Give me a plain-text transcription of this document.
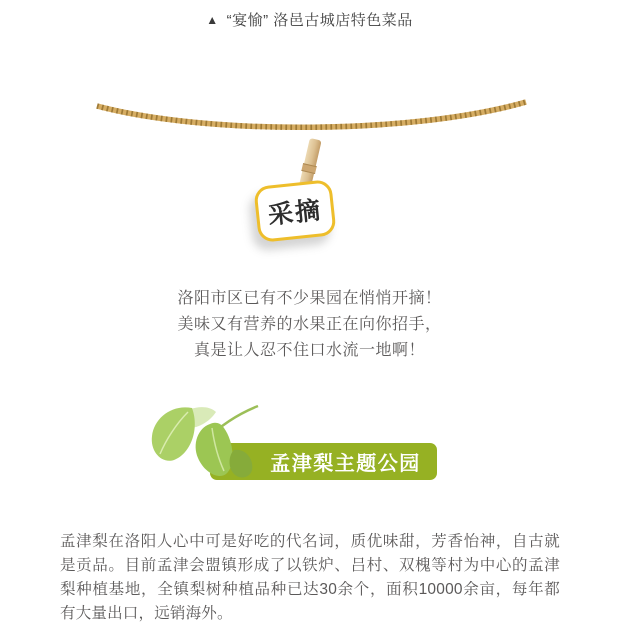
▲ “宴愉” 洛邑古城店特色菜品
采摘
洛阳市区已有不少果园在悄悄开摘！
美味又有营养的水果正在向你招手，
真是让人忍不住口水流一地啊！
孟津梨主题公园
孟津梨在洛阳人心中可是好吃的代名词，质优味甜，芳香怡神，自古就是贡品。目前孟津会盟镇形成了以铁炉、吕村、双槐等村为中心的孟津梨种植基地，全镇梨树种植品种已达30余个，面积10000余亩，每年都有大量出口，远销海外。
